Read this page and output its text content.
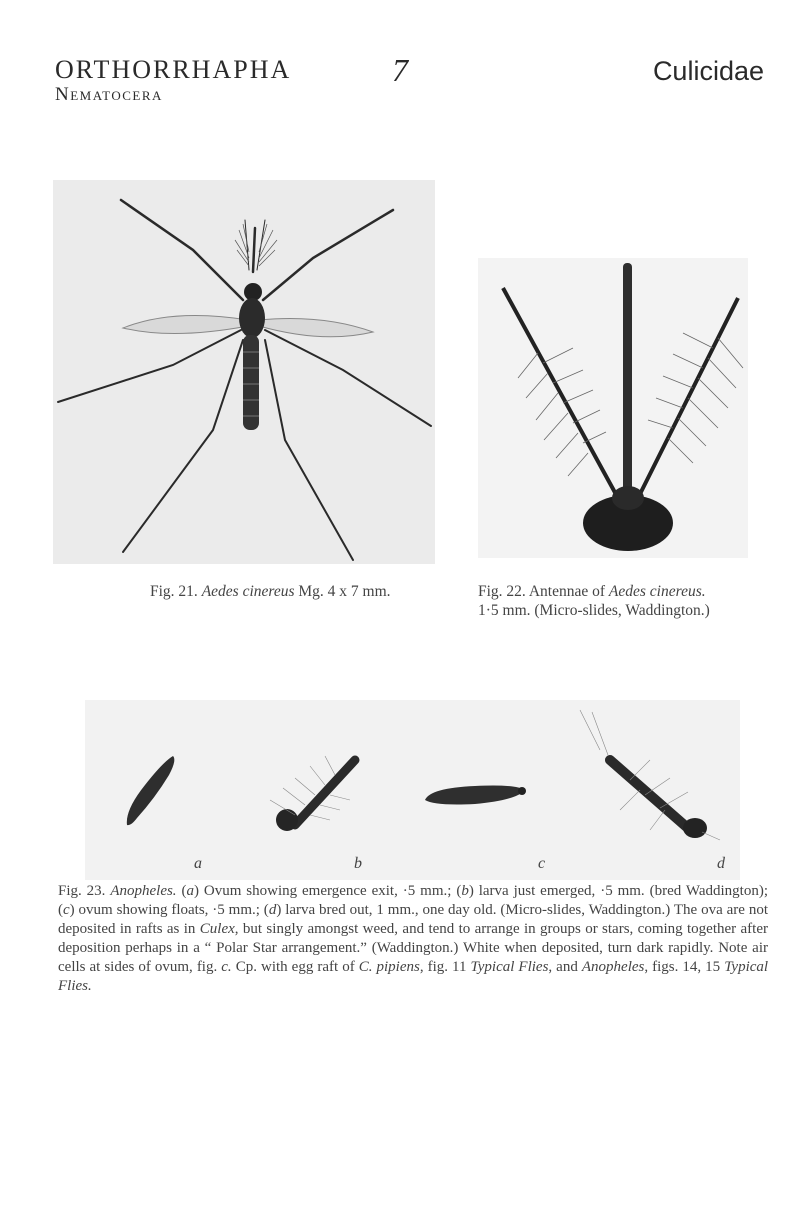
ORTHORRHAPHA
Nematocera
7	Culicidae
Fig. 21. Aedes cinereus Mg. 4 x 7 mm.	Fig. 22. Antennae of Aedes cinereus.
1·5 mm. (Micro-slides, Waddington.)
a	b	c	d
Fig. 23. Anopheles. (a) Ovum showing emergence exit, ·5 mm.; (b) larva just emerged, ·5 mm. (bred Waddington); (c) ovum showing floats, ·5 mm.; (d) larva bred out, 1 mm., one day old. (Micro-slides, Waddington.) The ova are not deposited in rafts as in Culex, but singly amongst weed, and tend to arrange in groups or stars, coming together after deposition perhaps in a “ Polar Star arrangement.” (Waddington.) White when deposited, turn dark rapidly. Note air cells at sides of ovum, fig. c. Cp. with egg raft of C. pipiens, fig. 11 Typical Flies, and Anopheles, figs. 14, 15 Typical Flies.
